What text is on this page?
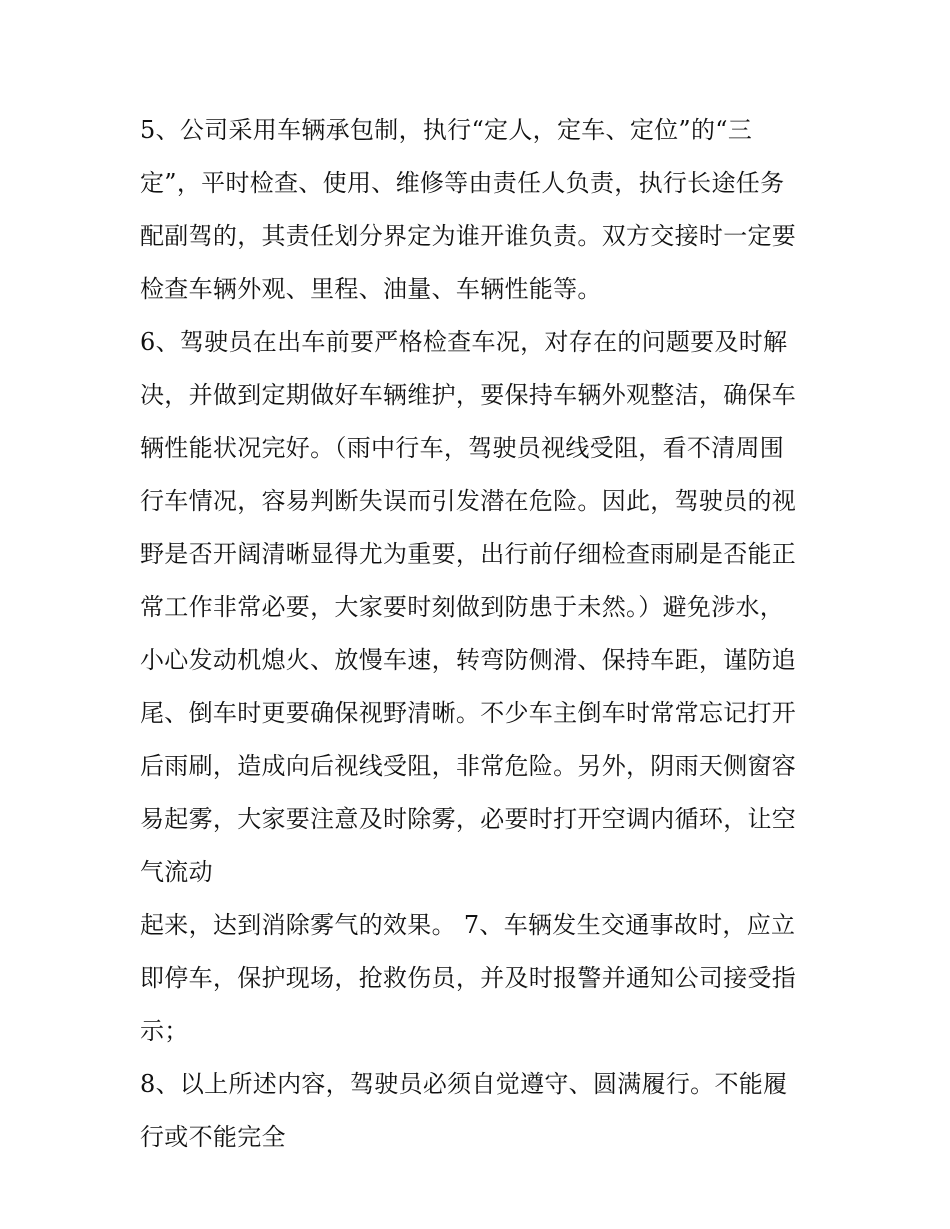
5、公司采用车辆承包制，执行“定人，定车、定位”的“三
定”，平时检查、使用、维修等由责任人负责，执行长途任务
配副驾的，其责任划分界定为谁开谁负责。双方交接时一定要
检查车辆外观、里程、油量、车辆性能等。
6、驾驶员在出车前要严格检查车况，对存在的问题要及时解
决，并做到定期做好车辆维护，要保持车辆外观整洁，确保车
辆性能状况完好。（雨中行车，驾驶员视线受阻，看不清周围
行车情况，容易判断失误而引发潜在危险。因此，驾驶员的视
野是否开阔清晰显得尤为重要，出行前仔细检查雨刷是否能正
常工作非常必要，大家要时刻做到防患于未然。）避免涉水，
小心发动机熄火、放慢车速，转弯防侧滑、保持车距，谨防追
尾、倒车时更要确保视野清晰。不少车主倒车时常常忘记打开
后雨刷，造成向后视线受阻，非常危险。另外，阴雨天侧窗容
易起雾，大家要注意及时除雾，必要时打开空调内循环，让空
气流动
起来，达到消除雾气的效果。 7、车辆发生交通事故时，应立
即停车，保护现场，抢救伤员，并及时报警并通知公司接受指
示；
8、以上所述内容，驾驶员必须自觉遵守、圆满履行。不能履
行或不能完全
